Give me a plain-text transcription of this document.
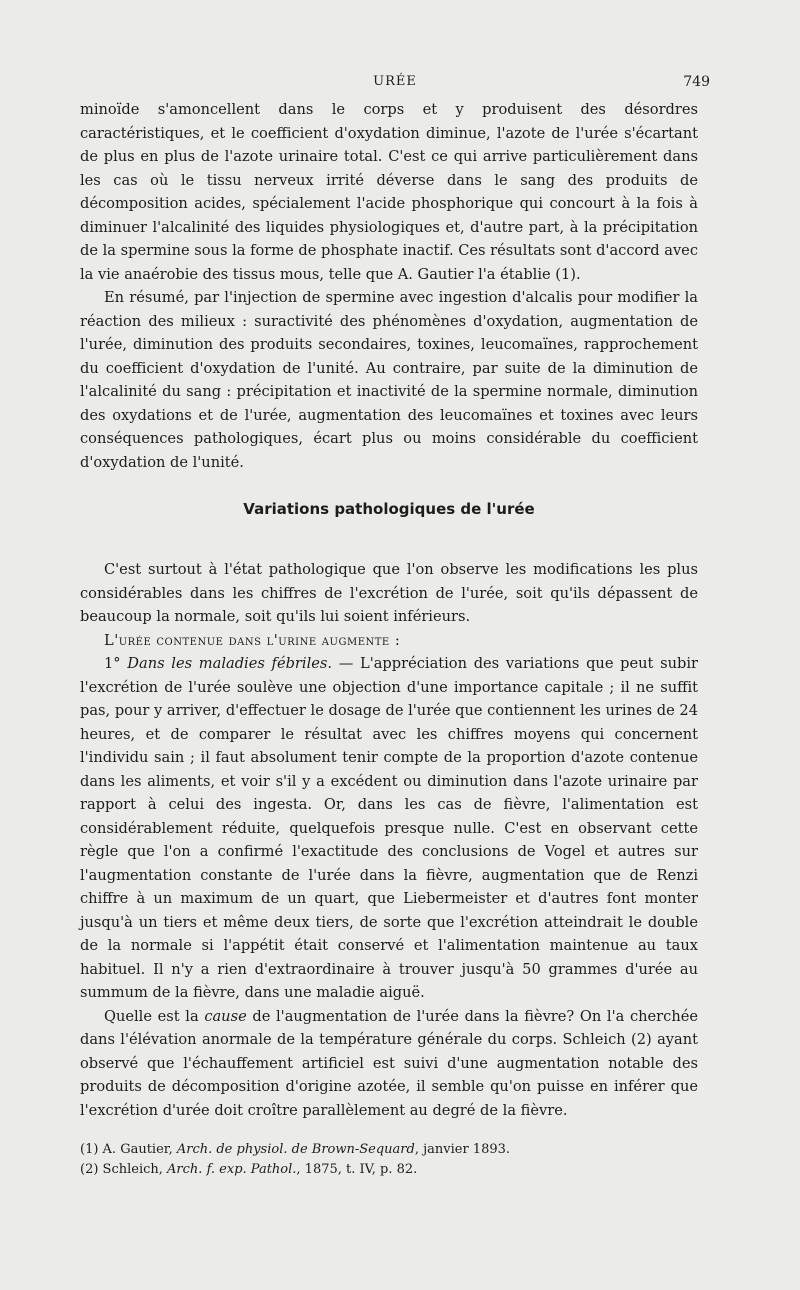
URÉE	749

minoïde s'amoncellent dans le corps et y produisent des désordres caractéristiques, et le coefficient d'oxydation diminue, l'azote de l'urée s'écartant de plus en plus de l'azote urinaire total. C'est ce qui arrive particulièrement dans les cas où le tissu nerveux irrité déverse dans le sang des produits de décomposition acides, spécialement l'acide phosphorique qui concourt à la fois à diminuer l'alcalinité des liquides physiologiques et, d'autre part, à la précipitation de la spermine sous la forme de phosphate inactif. Ces résultats sont d'accord avec la vie anaérobie des tissus mous, telle que A. Gautier l'a établie (1).

En résumé, par l'injection de spermine avec ingestion d'alcalis pour modifier la réaction des milieux : suractivité des phénomènes d'oxydation, augmentation de l'urée, diminution des produits secondaires, toxines, leucomaïnes, rapprochement du coefficient d'oxydation de l'unité. Au contraire, par suite de la diminution de l'alcalinité du sang : précipitation et inactivité de la spermine normale, diminution des oxydations et de l'urée, augmentation des leucomaïnes et toxines avec leurs conséquences pathologiques, écart plus ou moins considérable du coefficient d'oxydation de l'unité.

Variations pathologiques de l'urée

C'est surtout à l'état pathologique que l'on observe les modifications les plus considérables dans les chiffres de l'excrétion de l'urée, soit qu'ils dépassent de beaucoup la normale, soit qu'ils lui soient inférieurs.

L'urée contenue dans l'urine augmente :

1° Dans les maladies fébriles. — L'appréciation des variations que peut subir l'excrétion de l'urée soulève une objection d'une importance capitale ; il ne suffit pas, pour y arriver, d'effectuer le dosage de l'urée que contiennent les urines de 24 heures, et de comparer le résultat avec les chiffres moyens qui concernent l'individu sain ; il faut absolument tenir compte de la proportion d'azote contenue dans les aliments, et voir s'il y a excédent ou diminution dans l'azote urinaire par rapport à celui des ingesta. Or, dans les cas de fièvre, l'alimentation est considérablement réduite, quelquefois presque nulle. C'est en observant cette règle que l'on a confirmé l'exactitude des conclusions de Vogel et autres sur l'augmentation constante de l'urée dans la fièvre, augmentation que de Renzi chiffre à un maximum de un quart, que Liebermeister et d'autres font monter jusqu'à un tiers et même deux tiers, de sorte que l'excrétion atteindrait le double de la normale si l'appétit était conservé et l'alimentation maintenue au taux habituel. Il n'y a rien d'extraordinaire à trouver jusqu'à 50 grammes d'urée au summum de la fièvre, dans une maladie aiguë.

Quelle est la cause de l'augmentation de l'urée dans la fièvre? On l'a cherchée dans l'élévation anormale de la température générale du corps. Schleich (2) ayant observé que l'échauffement artificiel est suivi d'une augmentation notable des produits de décomposition d'origine azotée, il semble qu'on puisse en inférer que l'excrétion d'urée doit croître parallèlement au degré de la fièvre.

(1) A. Gautier, Arch. de physiol. de Brown-Sequard, janvier 1893.
(2) Schleich, Arch. f. exp. Pathol., 1875, t. IV, p. 82.
